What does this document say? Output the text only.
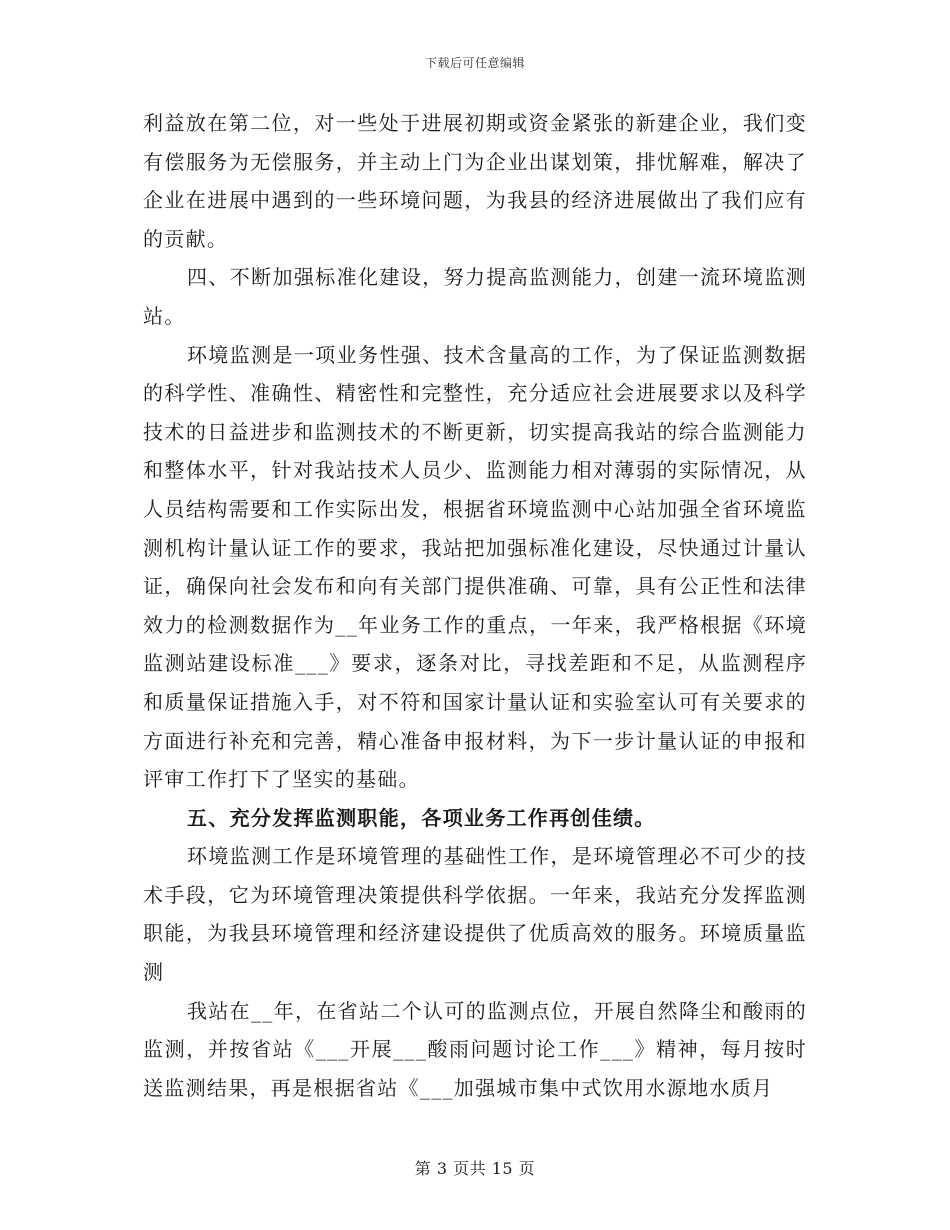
下载后可任意编辑

利益放在第二位，对一些处于进展初期或资金紧张的新建企业，我们变有偿服务为无偿服务，并主动上门为企业出谋划策，排忧解难，解决了企业在进展中遇到的一些环境问题，为我县的经济进展做出了我们应有的贡献。

四、不断加强标准化建设，努力提高监测能力，创建一流环境监测站。

环境监测是一项业务性强、技术含量高的工作，为了保证监测数据的科学性、准确性、精密性和完整性，充分适应社会进展要求以及科学技术的日益进步和监测技术的不断更新，切实提高我站的综合监测能力和整体水平，针对我站技术人员少、监测能力相对薄弱的实际情况，从人员结构需要和工作实际出发，根据省环境监测中心站加强全省环境监测机构计量认证工作的要求，我站把加强标准化建设，尽快通过计量认证，确保向社会发布和向有关部门提供准确、可靠，具有公正性和法律效力的检测数据作为__年业务工作的重点，一年来，我严格根据《环境监测站建设标准___》要求，逐条对比，寻找差距和不足，从监测程序和质量保证措施入手，对不符和国家计量认证和实验室认可有关要求的方面进行补充和完善，精心准备申报材料，为下一步计量认证的申报和评审工作打下了坚实的基础。

五、充分发挥监测职能，各项业务工作再创佳绩。

环境监测工作是环境管理的基础性工作，是环境管理必不可少的技术手段，它为环境管理决策提供科学依据。一年来，我站充分发挥监测职能，为我县环境管理和经济建设提供了优质高效的服务。环境质量监测

我站在__年，在省站二个认可的监测点位，开展自然降尘和酸雨的监测，并按省站《___开展___酸雨问题讨论工作___》精神，每月按时送监测结果，再是根据省站《___加强城市集中式饮用水源地水质月

第 3 页共 15 页
